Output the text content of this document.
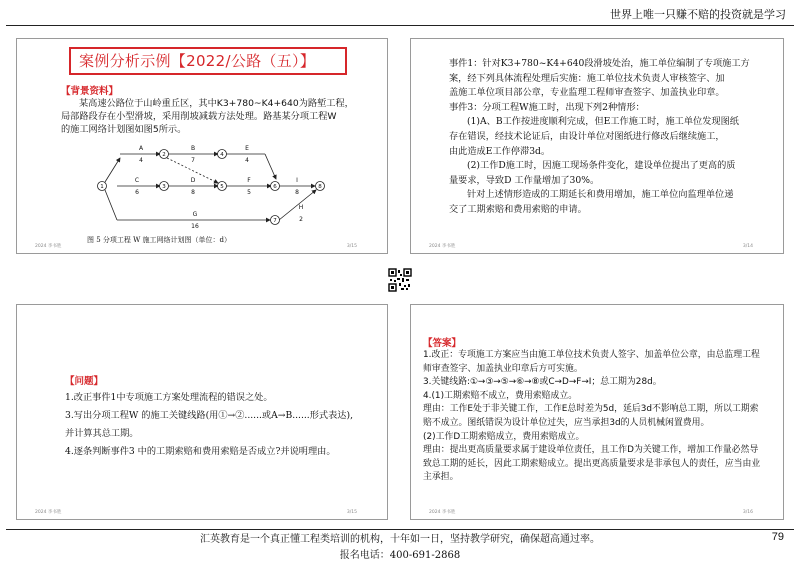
世界上唯一只赚不赔的投资就是学习
案例分析示例【2022/公路（五）】
【背景资料】
某高速公路位于山岭重丘区，其中K3+780~K4+640为路堑工程，
局部路段存在小型滑坡，采用削坡减载方法处理。路基某分项工程W
的施工网络计划图如图5所示。
1
2
3
4
5	6
7
8
A
4
B
7
E
4
C
6
D
8
F
5
I
8
G
16
H
2
图 5 分项工程 W 施工网络计划图（单位：d）
2024 李书胜	3/15
事件1：针对K3+780~K4+640段滑坡处治，施工单位编制了专项施工方
案，经下列具体流程处理后实施：施工单位技术负责人审核签字、加
盖施工单位项目部公章，专业监理工程师审查签字、加盖执业印章。
事件3：分项工程W施工时，出现下列2种情形：
(1)A、B工作按进度顺利完成，但E工作施工时，施工单位发现图纸
存在错误，经技术论证后，由设计单位对图纸进行修改后继续施工，
由此造成E工作停滞3d。
(2)工作D施工时，因施工现场条件变化，建设单位提出了更高的质
量要求，导致D 工作量增加了30%。
针对上述情形造成的工期延长和费用增加，施工单位向监理单位递
交了工期索赔和费用索赔的申请。
2024 李书胜	3/14
【问题】
1.改正事件1中专项施工方案处理流程的错误之处。
3.写出分项工程W 的施工关键线路(用①→②......或A→B......形式表达),
并计算其总工期。
4.逐条判断事件3 中的工期索赔和费用索赔是否成立?并说明理由。
2024 李书胜	3/15
【答案】
1.改正：专项施工方案应当由施工单位技术负责人签字、加盖单位公章，由总监理工程
师审查签字、加盖执业印章后方可实施。
3.关键线路:①→③→⑤→⑥→⑧或C→D→F→I；总工期为28d。
4.(1)工期索赔不成立，费用索赔成立。
理由：工作E处于非关键工作，工作E总时差为5d，延后3d不影响总工期，所以工期索
赔不成立。图纸错误为设计单位过失，应当承担3d的人员机械闲置费用。
(2)工作D工期索赔成立，费用索赔成立。
理由：提出更高质量要求属于建设单位责任，且工作D为关键工作，增加工作量必然导
致总工期的延长，因此工期索赔成立。提出更高质量要求是非承包人的责任，应当由业
主承担。
2024 李书胜	3/16
汇英教育是一个真正懂工程类培训的机构，十年如一日，坚持教学研究，确保超高通过率。	79
报名电话：400-691-2868
